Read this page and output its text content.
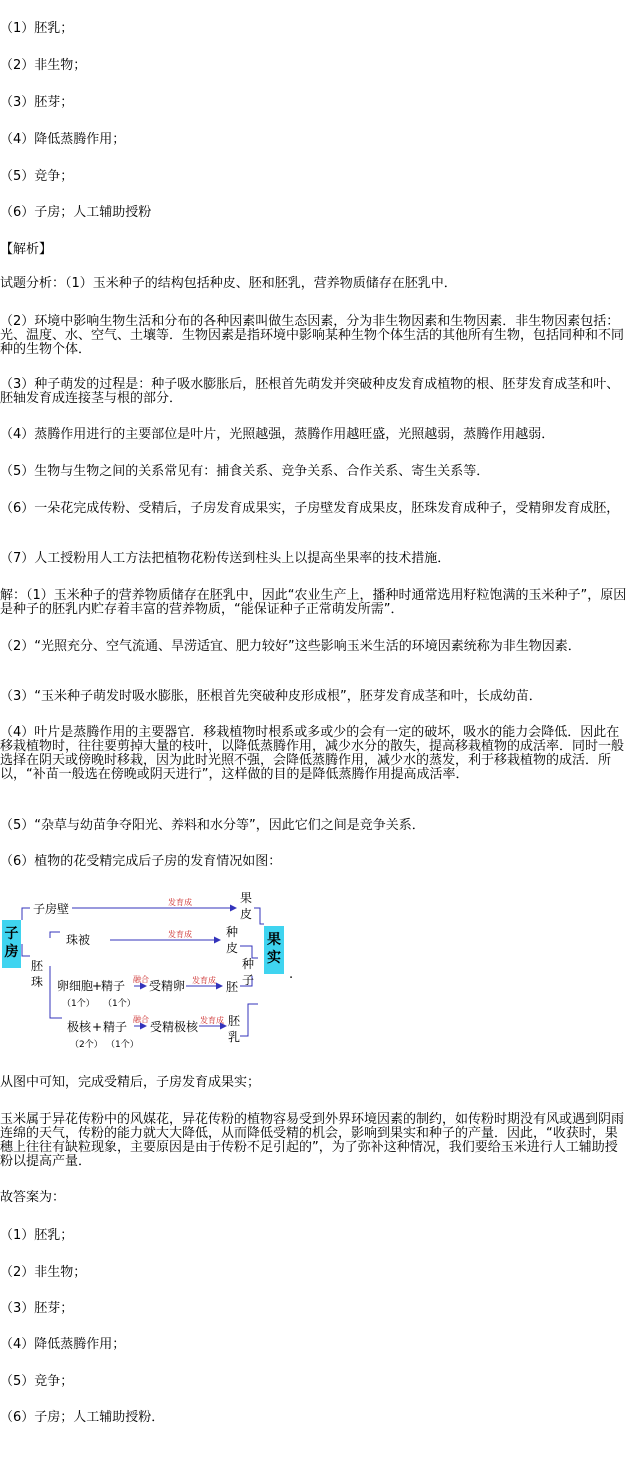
（1）胚乳；
（2）非生物；
（3）胚芽；
（4）降低蒸腾作用；
（5）竞争；
（6）子房；人工辅助授粉
【解析】
试题分析：（1）玉米种子的结构包括种皮、胚和胚乳，营养物质储存在胚乳中．
（2）环境中影响生物生活和分布的各种因素叫做生态因素，分为非生物因素和生物因素．非生物因素包括：光、温度、水、空气、土壤等．生物因素是指环境中影响某种生物个体生活的其他所有生物，包括同种和不同种的生物个体．
（3）种子萌发的过程是：种子吸水膨胀后，胚根首先萌发并突破种皮发育成植物的根、胚芽发育成茎和叶、胚轴发育成连接茎与根的部分．
（4）蒸腾作用进行的主要部位是叶片，光照越强，蒸腾作用越旺盛，光照越弱，蒸腾作用越弱．
（5）生物与生物之间的关系常见有：捕食关系、竞争关系、合作关系、寄生关系等．
（6）一朵花完成传粉、受精后，子房发育成果实，子房壁发育成果皮，胚珠发育成种子，受精卵发育成胚，
（7）人工授粉用人工方法把植物花粉传送到柱头上以提高坐果率的技术措施．
解：（1）玉米种子的营养物质储存在胚乳中，因此“农业生产上，播种时通常选用籽粒饱满的玉米种子”，原因是种子的胚乳内贮存着丰富的营养物质，“能保证种子正常萌发所需”．
（2）“光照充分、空气流通、旱涝适宜、肥力较好”这些影响玉米生活的环境因素统称为非生物因素．
（3）“玉米种子萌发时吸水膨胀，胚根首先突破种皮形成根”，胚芽发育成茎和叶，长成幼苗．
（4）叶片是蒸腾作用的主要器官．移栽植物时根系或多或少的会有一定的破坏，吸水的能力会降低．因此在移栽植物时，往往要剪掉大量的枝叶，以降低蒸腾作用，减少水分的散失，提高移栽植物的成活率．同时一般选择在阴天或傍晚时移栽，因为此时光照不强，会降低蒸腾作用，减少水的蒸发，利于移栽植物的成活．所以，“补苗一般选在傍晚或阴天进行”，这样做的目的是降低蒸腾作用提高成活率．
（5）“杂草与幼苗争夺阳光、养料和水分等”，因此它们之间是竞争关系．
（6）植物的花受精完成后子房的发育情况如图：
子
房
果
实
子房壁
胚
珠
珠被
卵细胞
+
精子
（1个） （1个）
融合 受精卵
极核 + 精子
（2个） （1个）
融合
受精极核
发育成
发育成
发育成
发育成
果
皮
种
皮
种
子
胚
胚
乳
.
从图中可知，完成受精后，子房发育成果实；
玉米属于异花传粉中的风媒花，异花传粉的植物容易受到外界环境因素的制约，如传粉时期没有风或遇到阴雨连绵的天气，传粉的能力就大大降低，从而降低受精的机会，影响到果实和种子的产量．因此，“收获时，果穗上往往有缺粒现象，主要原因是由于传粉不足引起的”，为了弥补这种情况，我们要给玉米进行人工辅助授粉以提高产量．
故答案为：
（1）胚乳；
（2）非生物；
（3）胚芽；
（4）降低蒸腾作用；
（5）竞争；
（6）子房；人工辅助授粉．
